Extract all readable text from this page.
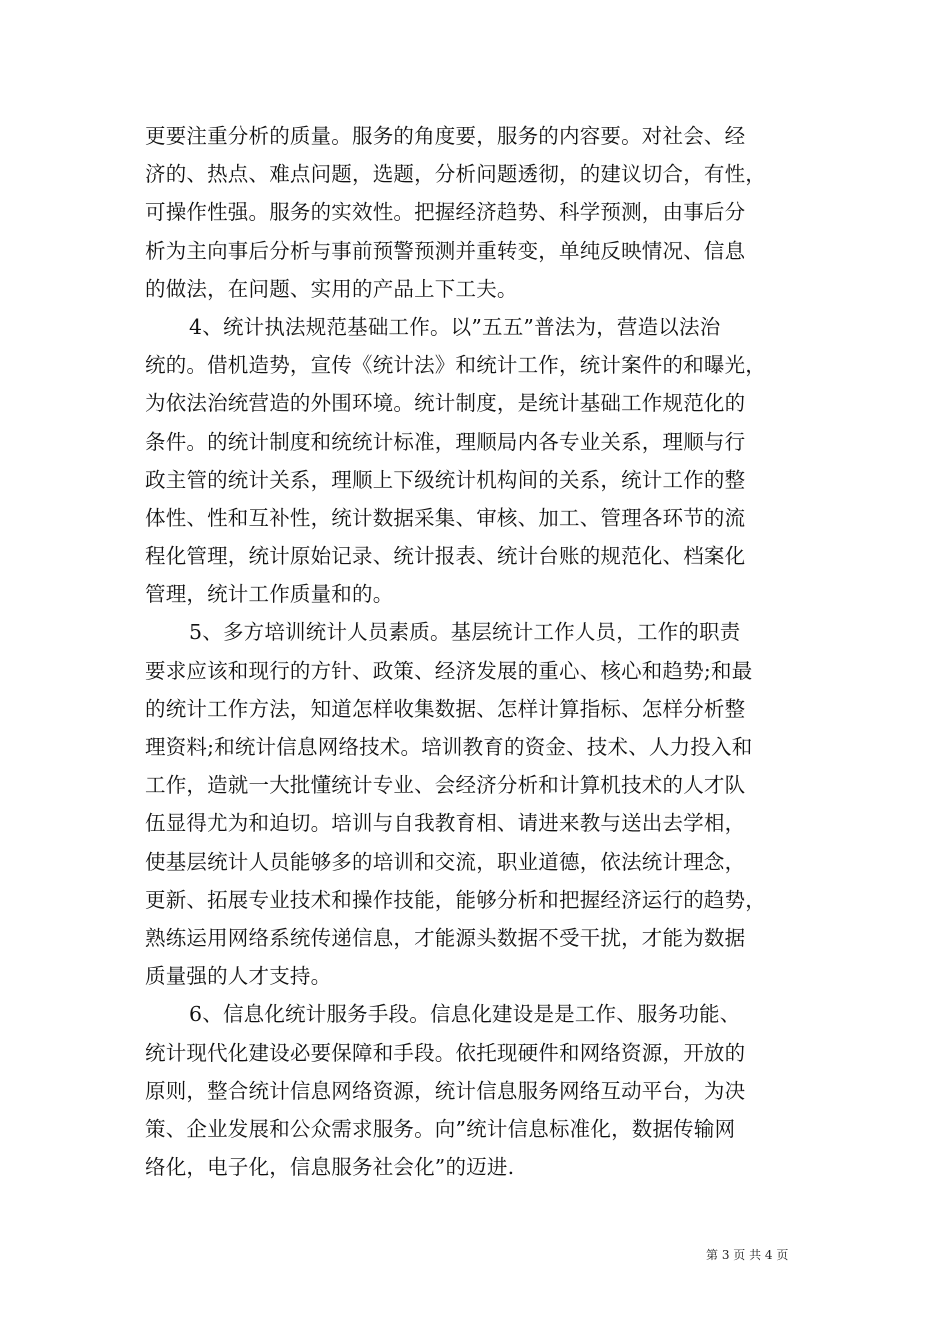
更要注重分析的质量。服务的角度要，服务的内容要。对社会、经
济的、热点、难点问题，选题，分析问题透彻，的建议切合，有性，
可操作性强。服务的实效性。把握经济趋势、科学预测，由事后分
析为主向事后分析与事前预警预测并重转变，单纯反映情况、信息
的做法，在问题、实用的产品上下工夫。
4、统计执法规范基础工作。以”五五”普法为，营造以法治
统的。借机造势，宣传《统计法》和统计工作，统计案件的和曝光，
为依法治统营造的外围环境。统计制度，是统计基础工作规范化的
条件。的统计制度和统统计标准，理顺局内各专业关系，理顺与行
政主管的统计关系，理顺上下级统计机构间的关系，统计工作的整
体性、性和互补性，统计数据采集、审核、加工、管理各环节的流
程化管理，统计原始记录、统计报表、统计台账的规范化、档案化
管理，统计工作质量和的。
5、多方培训统计人员素质。基层统计工作人员，工作的职责
要求应该和现行的方针、政策、经济发展的重心、核心和趋势;和最
的统计工作方法，知道怎样收集数据、怎样计算指标、怎样分析整
理资料;和统计信息网络技术。培训教育的资金、技术、人力投入和
工作，造就一大批懂统计专业、会经济分析和计算机技术的人才队
伍显得尤为和迫切。培训与自我教育相、请进来教与送出去学相，
使基层统计人员能够多的培训和交流，职业道德，依法统计理念，
更新、拓展专业技术和操作技能，能够分析和把握经济运行的趋势，
熟练运用网络系统传递信息，才能源头数据不受干扰，才能为数据
质量强的人才支持。
6、信息化统计服务手段。信息化建设是是工作、服务功能、
统计现代化建设必要保障和手段。依托现硬件和网络资源，开放的
原则，整合统计信息网络资源，统计信息服务网络互动平台，为决
策、企业发展和公众需求服务。向”统计信息标准化，数据传输网
络化，电子化，信息服务社会化”的迈进.
第 3 页 共 4 页
